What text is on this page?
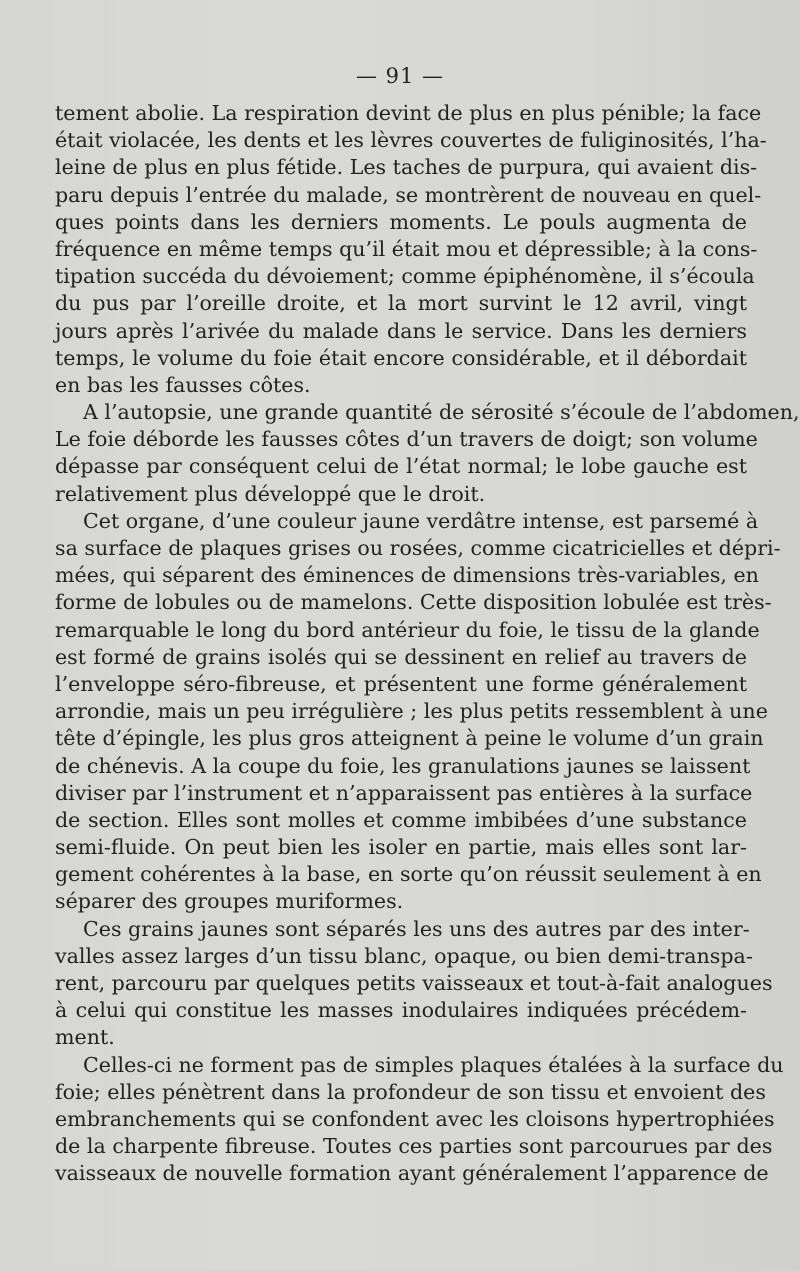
— 91 —
tement abolie. La respiration devint de plus en plus pénible; la face
était violacée, les dents et les lèvres couvertes de fuliginosités, l’ha-
leine de plus en plus fétide. Les taches de purpura, qui avaient dis-
paru depuis l’entrée du malade, se montrèrent de nouveau en quel-
ques points dans les derniers moments. Le pouls augmenta de
fréquence en même temps qu’il était mou et dépressible; à la cons-
tipation succéda du dévoiement; comme épiphénomène, il s’écoula
du pus par l’oreille droite, et la mort survint le 12 avril, vingt
jours après l’arivée du malade dans le service. Dans les derniers
temps, le volume du foie était encore considérable, et il débordait
en bas les fausses côtes.
A l’autopsie, une grande quantité de sérosité s’écoule de l’abdomen,
Le foie déborde les fausses côtes d’un travers de doigt; son volume
dépasse par conséquent celui de l’état normal; le lobe gauche est
relativement plus développé que le droit.
Cet organe, d’une couleur jaune verdâtre intense, est parsemé à
sa surface de plaques grises ou rosées, comme cicatricielles et dépri-
mées, qui séparent des éminences de dimensions très-variables, en
forme de lobules ou de mamelons. Cette disposition lobulée est très-
remarquable le long du bord antérieur du foie, le tissu de la glande
est formé de grains isolés qui se dessinent en relief au travers de
l’enveloppe séro-fibreuse, et présentent une forme généralement
arrondie, mais un peu irrégulière ; les plus petits ressemblent à une
tête d’épingle, les plus gros atteignent à peine le volume d’un grain
de chénevis. A la coupe du foie, les granulations jaunes se laissent
diviser par l’instrument et n’apparaissent pas entières à la surface
de section. Elles sont molles et comme imbibées d’une substance
semi-fluide. On peut bien les isoler en partie, mais elles sont lar-
gement cohérentes à la base, en sorte qu’on réussit seulement à en
séparer des groupes muriformes.
Ces grains jaunes sont séparés les uns des autres par des inter-
valles assez larges d’un tissu blanc, opaque, ou bien demi-transpa-
rent, parcouru par quelques petits vaisseaux et tout-à-fait analogues
à celui qui constitue les masses inodulaires indiquées précédem-
ment.
Celles-ci ne forment pas de simples plaques étalées à la surface du
foie; elles pénètrent dans la profondeur de son tissu et envoient des
embranchements qui se confondent avec les cloisons hypertrophiées
de la charpente fibreuse. Toutes ces parties sont parcourues par des
vaisseaux de nouvelle formation ayant généralement l’apparence de
